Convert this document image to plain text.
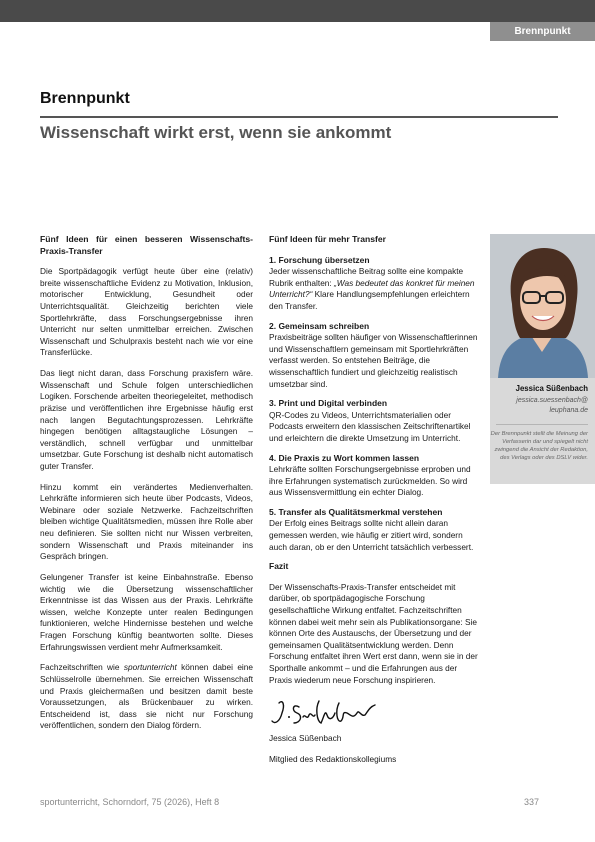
Brennpunkt
Brennpunkt
Wissenschaft wirkt erst, wenn sie ankommt
Fünf Ideen für einen besseren Wissenschafts-Praxis-Transfer

Die Sportpädagogik verfügt heute über eine (relativ) breite wissenschaftliche Evidenz zu Motivation, Inklusion, motorischer Entwicklung, Gesundheit oder Unterrichtsqualität. Gleichzeitig berichten viele Sportlehrkräfte, dass Forschungsergebnisse ihren Unterricht nur selten unmittelbar erreichen. Zwischen Wissenschaft und Schulpraxis besteht nach wie vor eine Transferlücke.

Das liegt nicht daran, dass Forschung praxisfern wäre. Wissenschaft und Schule folgen unterschiedlichen Logiken. Forschende arbeiten theoriegeleitet, methodisch präzise und veröffentlichen ihre Ergebnisse häufig erst nach langen Begutachtungsprozessen. Lehrkräfte hingegen benötigen alltagstaugliche Lösungen – verständlich, schnell verfügbar und unmittelbar umsetzbar. Gute Forschung ist deshalb nicht automatisch guter Transfer.

Hinzu kommt ein verändertes Medienverhalten. Lehrkräfte informieren sich heute über Podcasts, Videos, Webinare oder soziale Netzwerke. Fachzeitschriften bleiben wichtige Qualitätsmedien, müssen ihre Rolle aber neu definieren. Sie sollten nicht nur Wissen verbreiten, sondern Wissenschaft und Praxis miteinander ins Gespräch bringen.

Gelungener Transfer ist keine Einbahnstraße. Ebenso wichtig wie die Übersetzung wissenschaftlicher Erkenntnisse ist das Wissen aus der Praxis. Lehrkräfte wissen, welche Konzepte unter realen Bedingungen funktionieren, welche Hindernisse bestehen und welche Fragen Forschung künftig beantworten sollte. Dieses Erfahrungswissen verdient mehr Aufmerksamkeit.

Fachzeitschriften wie sportunterricht können dabei eine Schlüsselrolle übernehmen. Sie erreichen Wissenschaft und Praxis gleichermaßen und besitzen damit beste Voraussetzungen, als Brückenbauer zu wirken. Entscheidend ist, dass sie nicht nur Forschung veröffentlichen, sondern den Dialog fördern.

Fünf Ideen für mehr Transfer
1. Forschung übersetzen

Jeder wissenschaftliche Beitrag sollte eine kompakte Rubrik enthalten: „Was bedeutet das konkret für meinen Unterricht?“ Klare Handlungsempfehlungen erleichtern den Transfer.

2. Gemeinsam schreiben

Praxisbeiträge sollten häufiger von Wissenschaftlerinnen und Wissenschaftlern gemeinsam mit Sportlehrkräften verfasst werden. So entstehen Beiträge, die wissenschaftlich fundiert und gleichzeitig realistisch umsetzbar sind.

3. Print und Digital verbinden

QR-Codes zu Videos, Unterrichtsmaterialien oder Podcasts erweitern den klassischen Zeitschriftenartikel und erleichtern die direkte Umsetzung im Unterricht.

4. Die Praxis zu Wort kommen lassen

Lehrkräfte sollten Forschungsergebnisse erproben und ihre Erfahrungen systematisch zurückmelden. So wird aus Wissensvermittlung ein echter Dialog.

5. Transfer als Qualitätsmerkmal verstehen

Der Erfolg eines Beitrags sollte nicht allein daran gemessen werden, wie häufig er zitiert wird, sondern auch daran, ob er den Unterricht tatsächlich verbessert.

Fazit

Der Wissenschafts-Praxis-Transfer entscheidet mit darüber, ob sportpädagogische Forschung gesellschaftliche Wirkung entfaltet. Fachzeitschriften können dabei weit mehr sein als Publikationsorgane: Sie können Orte des Austauschs, der Übersetzung und der gemeinsamen Qualitätsentwicklung werden. Denn Forschung entfaltet ihren Wert erst dann, wenn sie in der Sporthalle ankommt – und die Erfahrungen aus der Praxis wiederum neue Forschung inspirieren.

Jessica Süßenbach

Mitglied des Redaktionskollegiums

Jessica Süßenbach
jessica.suessenbach@ leuphana.de
Der Brennpunkt stellt die Meinung der Verfasserin dar und spiegelt nicht zwingend die Ansicht der Redaktion, des Verlags oder des DSLV wider.
sportunterricht, Schorndorf, 75 (2026), Heft 8	337
